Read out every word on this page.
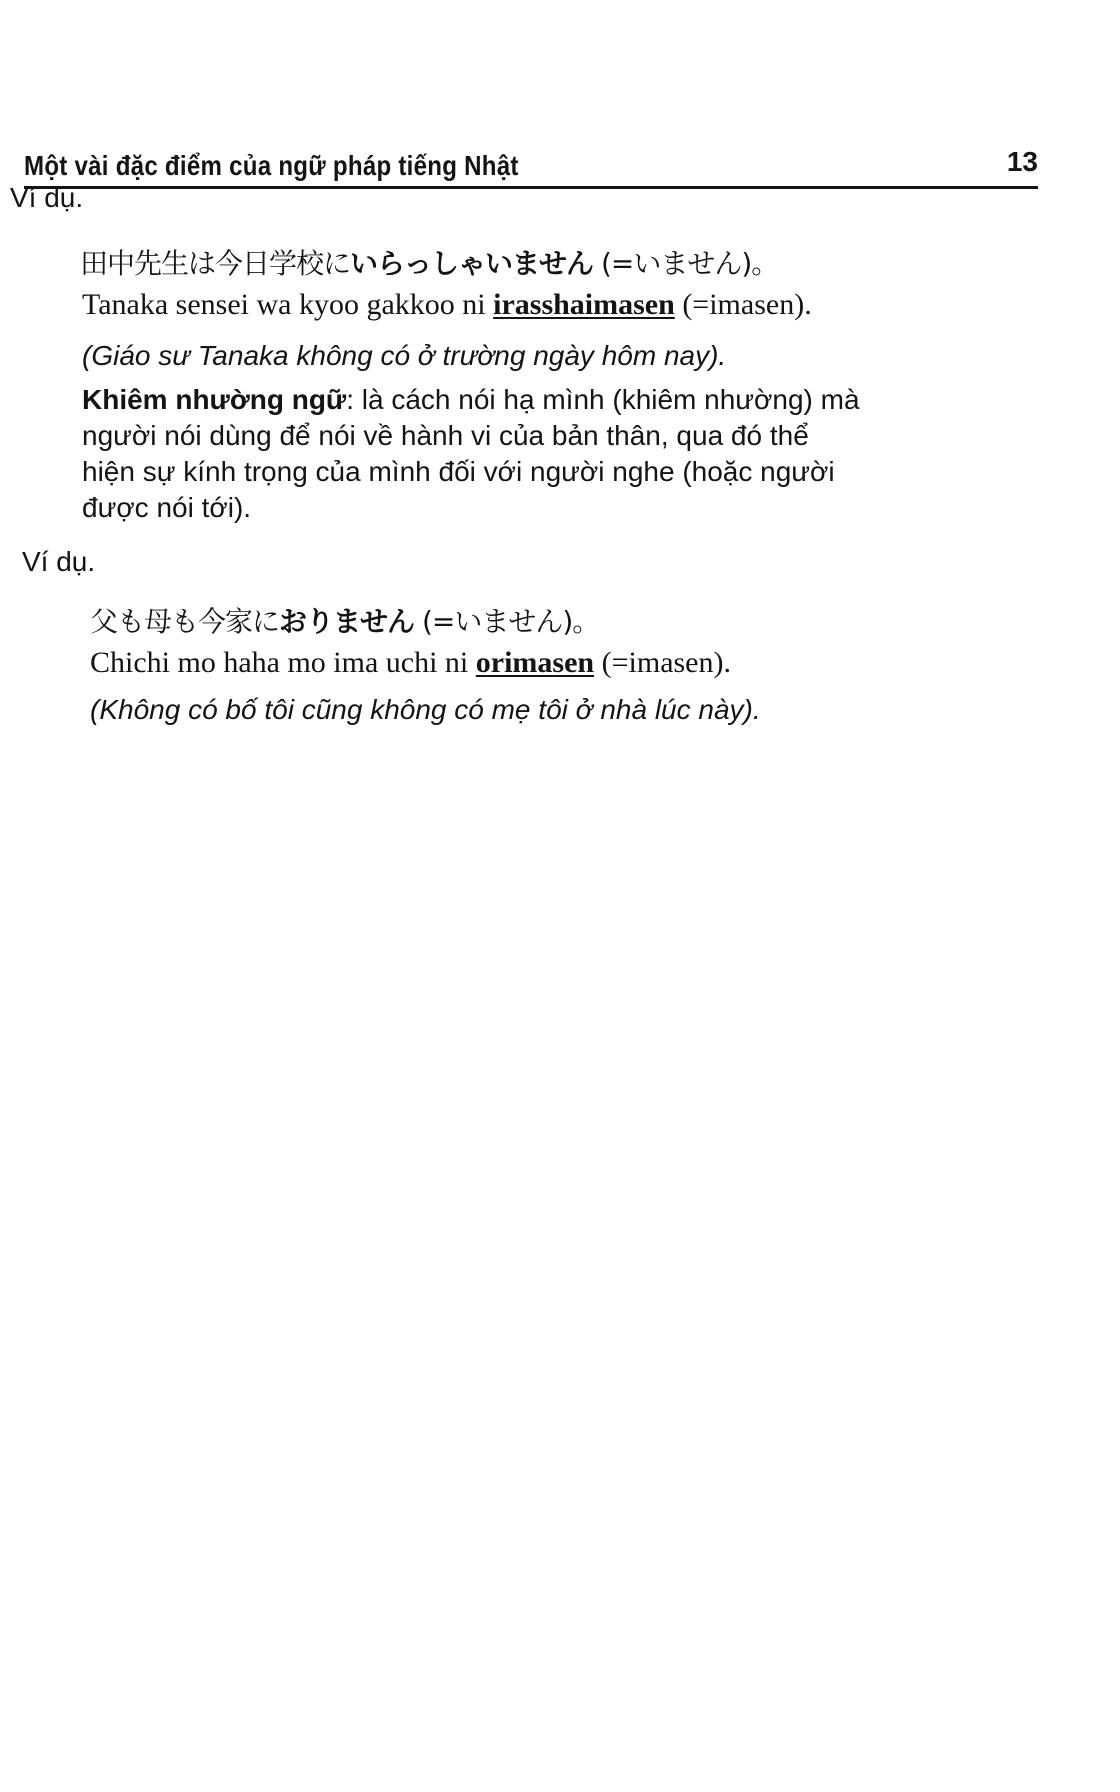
Một vài đặc điểm của ngữ pháp tiếng Nhật	13
Ví dụ.
田中先生は今日学校にいらっしゃいません (=いません)。
Tanaka sensei wa kyoo gakkoo ni irasshaimasen (=imasen).
(Giáo sư Tanaka không có ở trường ngày hôm nay).
Khiêm nhường ngữ: là cách nói hạ mình (khiêm nhường) mà
người nói dùng để nói về hành vi của bản thân, qua đó thể
hiện sự kính trọng của mình đối với người nghe (hoặc người
được nói tới).
Ví dụ.
父も母も今家におりません (=いません)。
Chichi mo haha mo ima uchi ni orimasen (=imasen).
(Không có bố tôi cũng không có mẹ tôi ở nhà lúc này).
